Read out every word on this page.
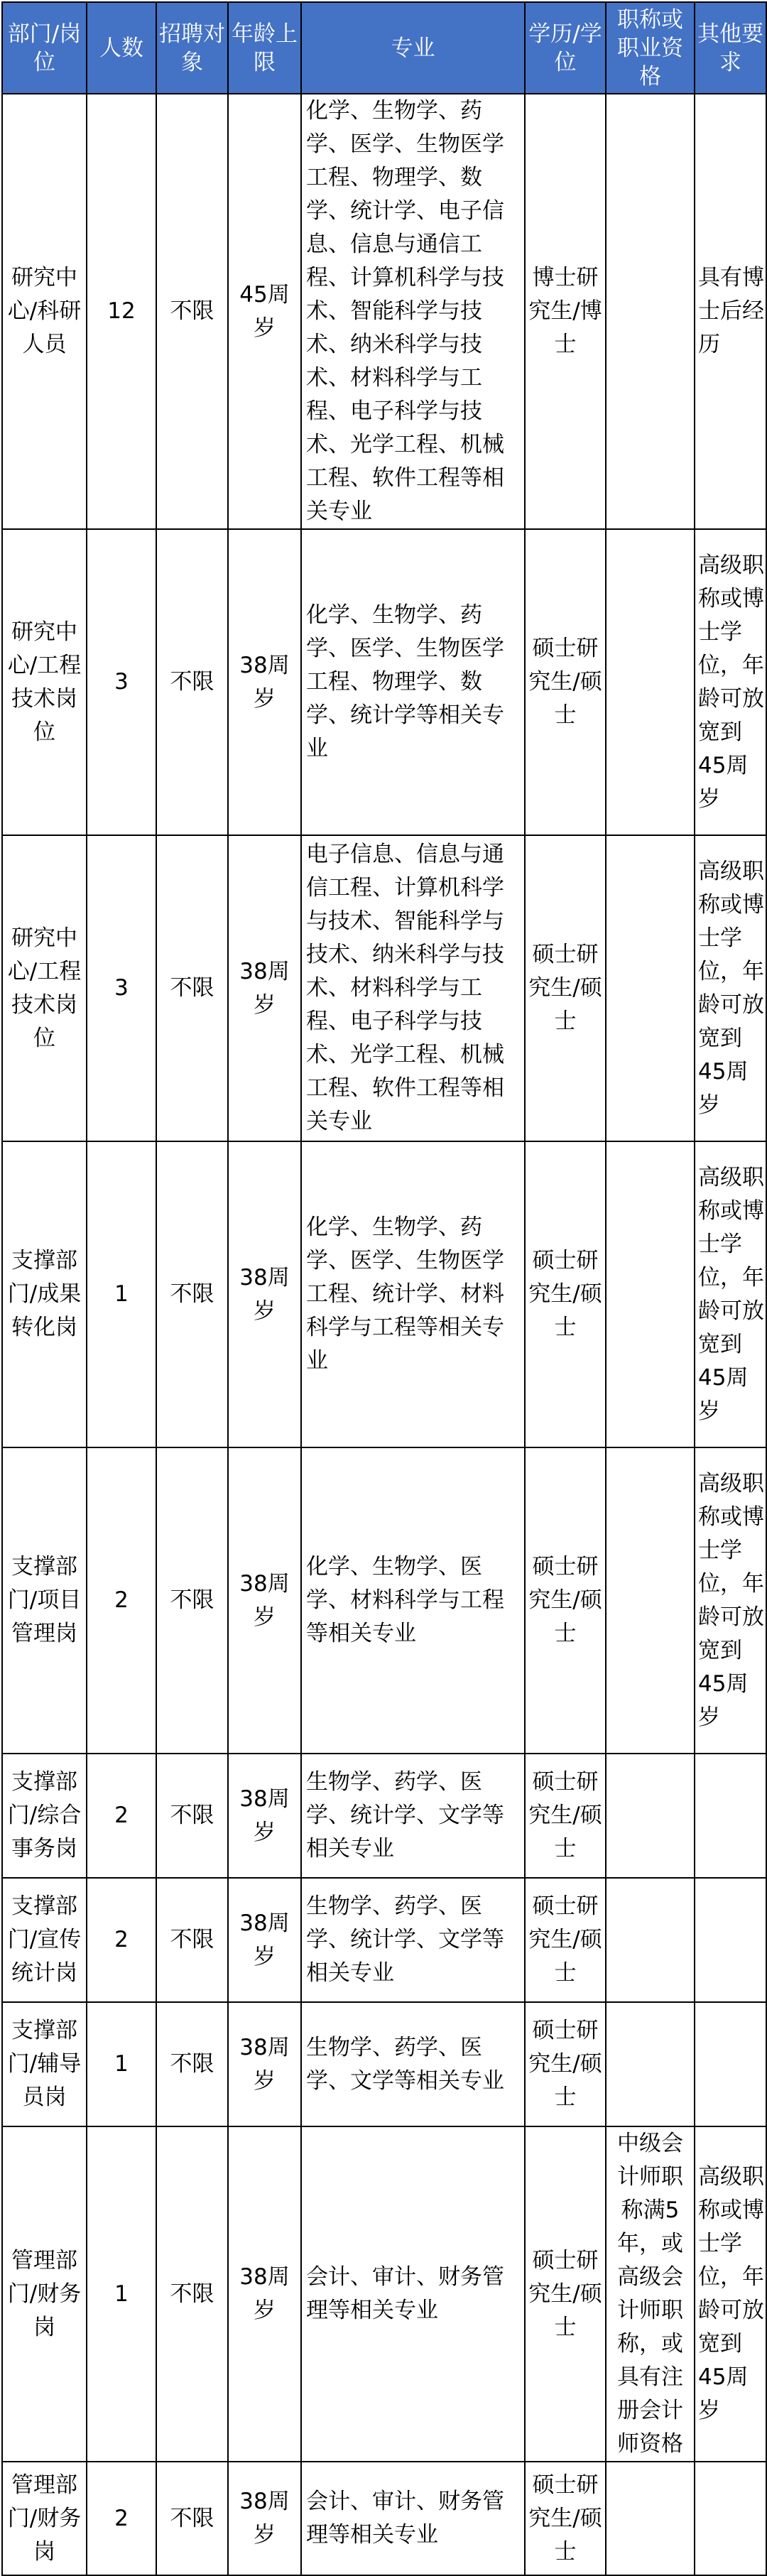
部门/岗位	人数	招聘对象	年龄上限	专业	学历/学位	职称或职业资格	其他要求
研究中心/科研人员	12	不限	45周岁	化学、生物学、药学、医学、生物医学工程、物理学、数学、统计学、电子信息、信息与通信工程、计算机科学与技术、智能科学与技术、纳米科学与技术、材料科学与工程、电子科学与技术、光学工程、机械工程、软件工程等相关专业	博士研究生/博士		具有博士后经历
研究中心/工程技术岗位	3	不限	38周岁	化学、生物学、药学、医学、生物医学工程、物理学、数学、统计学等相关专业	硕士研究生/硕士		高级职称或博士学位，年龄可放宽到45周岁
研究中心/工程技术岗位	3	不限	38周岁	电子信息、信息与通信工程、计算机科学与技术、智能科学与技术、纳米科学与技术、材料科学与工程、电子科学与技术、光学工程、机械工程、软件工程等相关专业	硕士研究生/硕士		高级职称或博士学位，年龄可放宽到45周岁
支撑部门/成果转化岗	1	不限	38周岁	化学、生物学、药学、医学、生物医学工程、统计学、材料科学与工程等相关专业	硕士研究生/硕士		高级职称或博士学位，年龄可放宽到45周岁
支撑部门/项目管理岗	2	不限	38周岁	化学、生物学、医学、材料科学与工程等相关专业	硕士研究生/硕士		高级职称或博士学位，年龄可放宽到45周岁
支撑部门/综合事务岗	2	不限	38周岁	生物学、药学、医学、统计学、文学等相关专业	硕士研究生/硕士		
支撑部门/宣传统计岗	2	不限	38周岁	生物学、药学、医学、统计学、文学等相关专业	硕士研究生/硕士		
支撑部门/辅导员岗	1	不限	38周岁	生物学、药学、医学、文学等相关专业	硕士研究生/硕士		
管理部门/财务岗	1	不限	38周岁	会计、审计、财务管理等相关专业	硕士研究生/硕士	中级会计师职称满5年，或高级会计师职称，或具有注册会计师资格	高级职称或博士学位，年龄可放宽到45周岁
管理部门/财务岗	2	不限	38周岁	会计、审计、财务管理等相关专业	硕士研究生/硕士		
